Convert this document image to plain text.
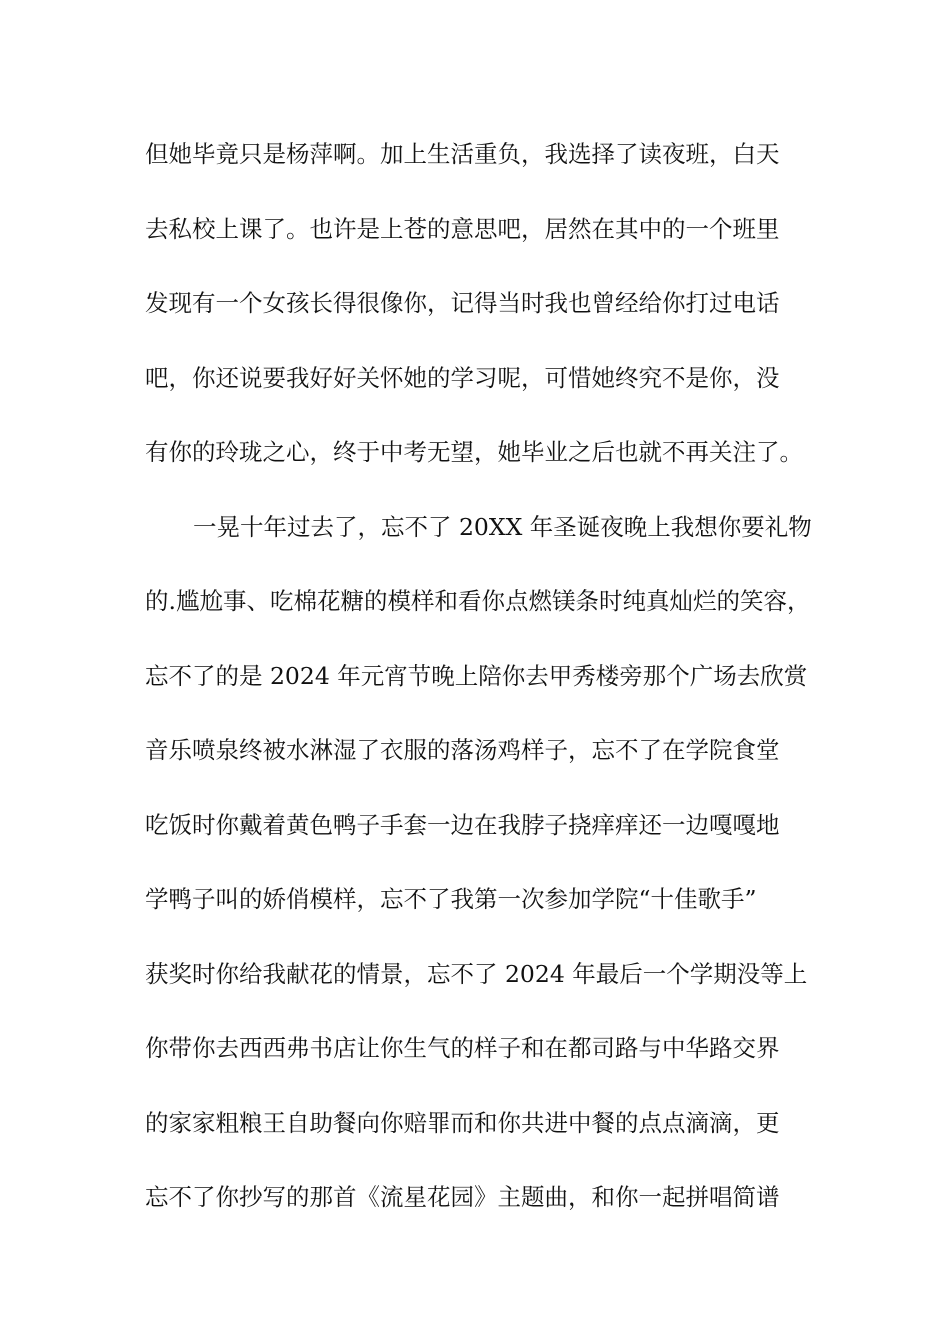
但她毕竟只是杨萍啊。加上生活重负，我选择了读夜班，白天
去私校上课了。也许是上苍的意思吧，居然在其中的一个班里
发现有一个女孩长得很像你，记得当时我也曾经给你打过电话
吧，你还说要我好好关怀她的学习呢，可惜她终究不是你，没
有你的玲珑之心，终于中考无望，她毕业之后也就不再关注了。
一晃十年过去了，忘不了 20XX 年圣诞夜晚上我想你要礼物
的.尴尬事、吃棉花糖的模样和看你点燃镁条时纯真灿烂的笑容，
忘不了的是 2024 年元宵节晚上陪你去甲秀楼旁那个广场去欣赏
音乐喷泉终被水淋湿了衣服的落汤鸡样子，忘不了在学院食堂
吃饭时你戴着黄色鸭子手套一边在我脖子挠痒痒还一边嘎嘎地
学鸭子叫的娇俏模样，忘不了我第一次参加学院“十佳歌手”
获奖时你给我献花的情景，忘不了 2024 年最后一个学期没等上
你带你去西西弗书店让你生气的样子和在都司路与中华路交界
的家家粗粮王自助餐向你赔罪而和你共进中餐的点点滴滴，更
忘不了你抄写的那首《流星花园》主题曲，和你一起拼唱简谱
